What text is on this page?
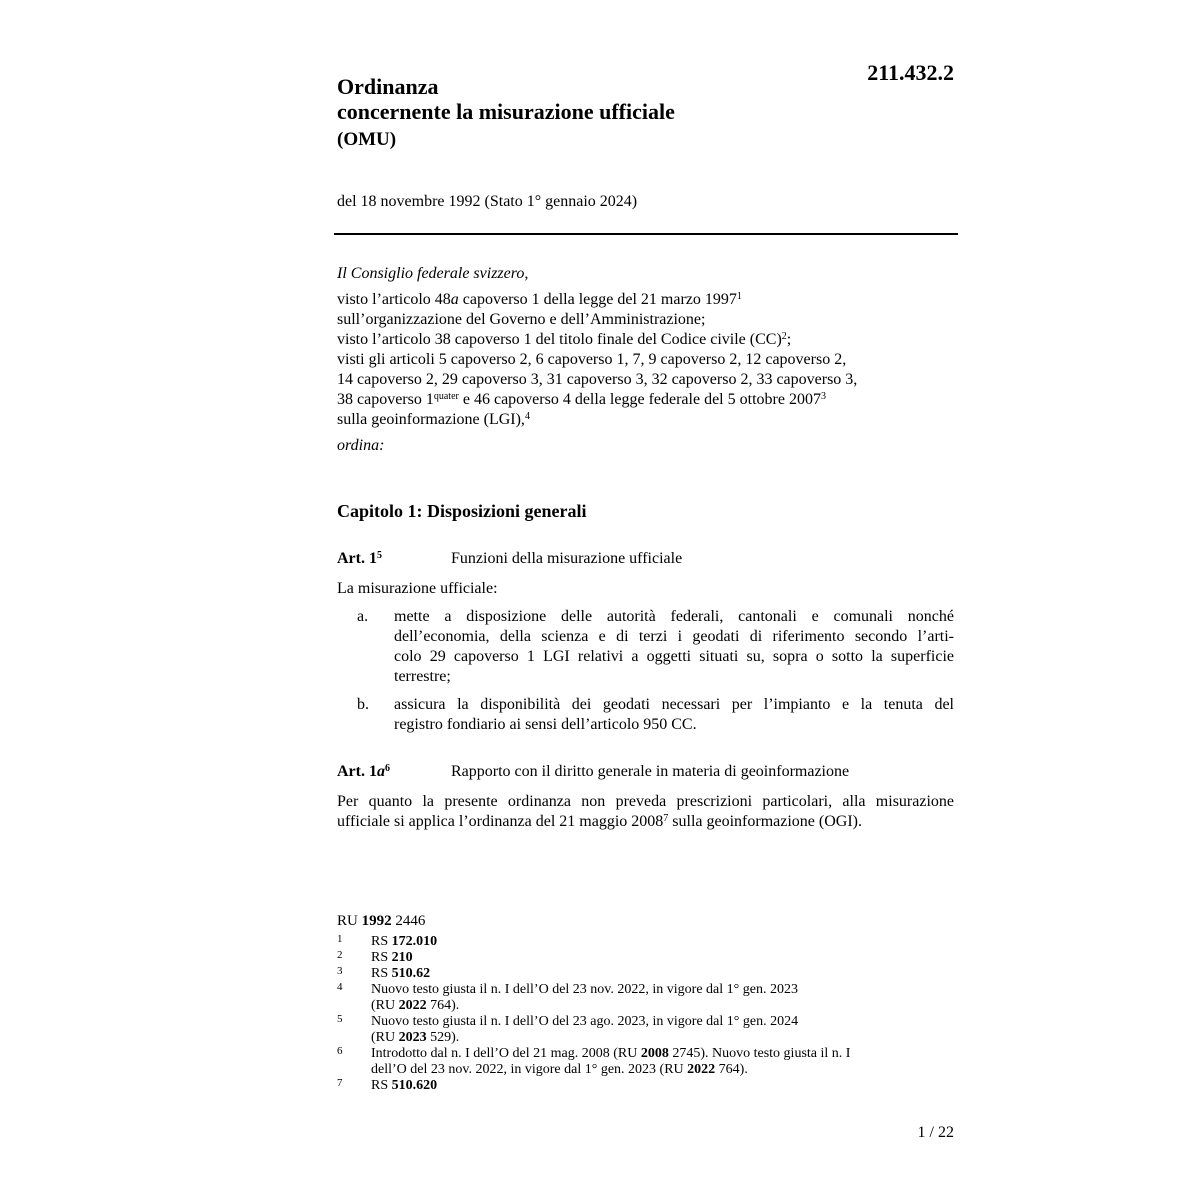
211.432.2
Ordinanza
concernente la misurazione ufficiale
(OMU)
del 18 novembre 1992 (Stato 1° gennaio 2024)
Il Consiglio federale svizzero,
visto l’articolo 48a capoverso 1 della legge del 21 marzo 1997$^1$
sull’organizzazione del Governo e dell’Amministrazione;
visto l’articolo 38 capoverso 1 del titolo finale del Codice civile (CC)$^2$;
visti gli articoli 5 capoverso 2, 6 capoverso 1, 7, 9 capoverso 2, 12 capoverso 2,
14 capoverso 2, 29 capoverso 3, 31 capoverso 3, 32 capoverso 2, 33 capoverso 3,
38 capoverso $1^{quater}$ e 46 capoverso 4 della legge federale del 5 ottobre 2007$^3$
sulla geoinformazione (LGI),$^4$
ordina:
Capitolo 1: Disposizioni generali
Art. $1^5$	Funzioni della misurazione ufficiale
La misurazione ufficiale:
a. mette a disposizione delle autorità federali, cantonali e comunali nonché
dell’economia, della scienza e di terzi i geodati di riferimento secondo l’arti-
colo 29 capoverso 1 LGI relativi a oggetti situati su, sopra o sotto la superficie
terrestre;
b. assicura la disponibilità dei geodati necessari per l’impianto e la tenuta del
registro fondiario ai sensi dell’articolo 950 CC.
Art. $1a^6$	Rapporto con il diritto generale in materia di geoinformazione
Per quanto la presente ordinanza non preveda prescrizioni particolari, alla misurazione
ufficiale si applica l’ordinanza del 21 maggio 2008$^7$ sulla geoinformazione (OGI).
RU 1992 2446
1 RS 172.010
2 RS 210
3 RS 510.62
4 Nuovo testo giusta il n. I dell’O del 23 nov. 2022, in vigore dal 1° gen. 2023
(RU 2022 764).
5 Nuovo testo giusta il n. I dell’O del 23 ago. 2023, in vigore dal 1° gen. 2024
(RU 2023 529).
6 Introdotto dal n. I dell’O del 21 mag. 2008 (RU 2008 2745). Nuovo testo giusta il n. I
dell’O del 23 nov. 2022, in vigore dal 1° gen. 2023 (RU 2022 764).
7 RS 510.620
1 / 22
